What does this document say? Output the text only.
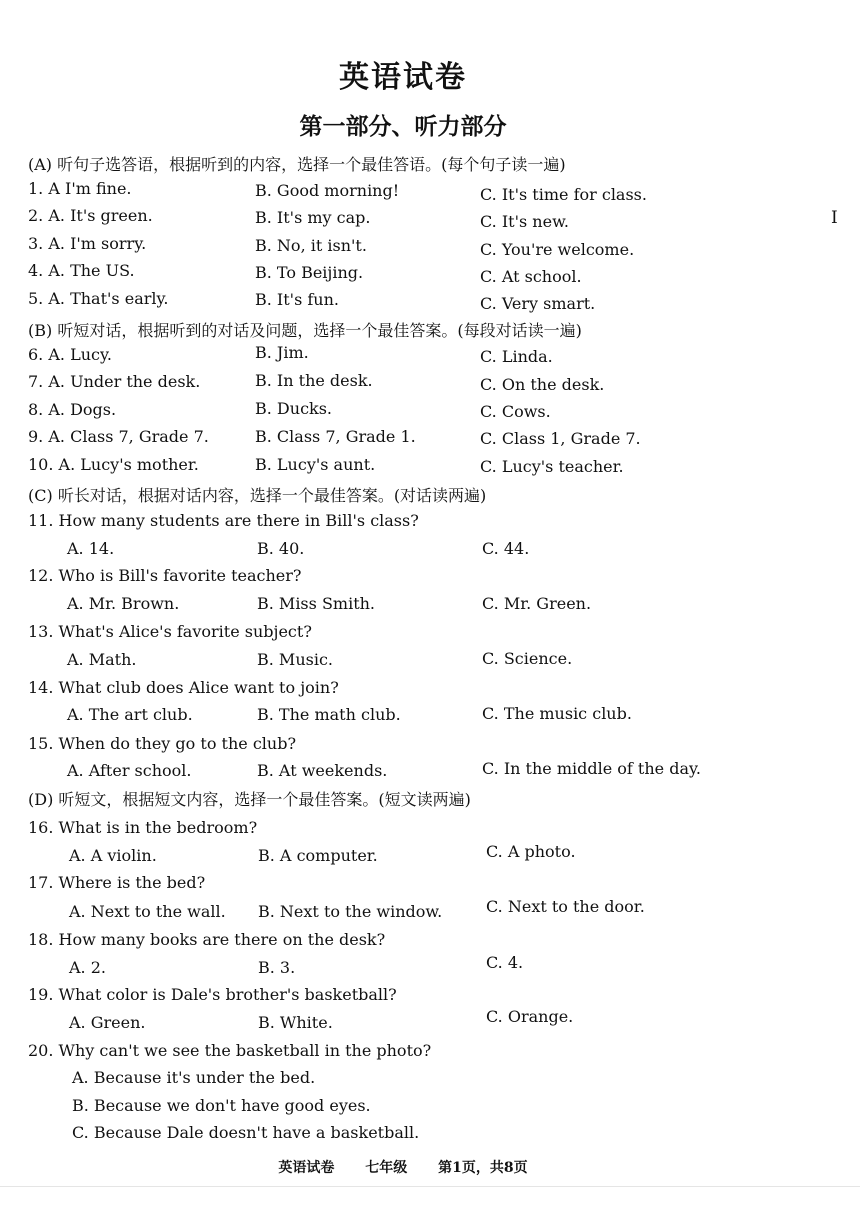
英语试卷
第一部分、听力部分
I
(A) 听句子选答语，根据听到的内容，选择一个最佳答语。(每个句子读一遍)
1. A I'm fine.	B. Good morning!	C. It's time for class.
2. A. It's green.	B. It's my cap.	C. It's new.
3. A. I'm sorry.	B. No, it isn't.	C. You're welcome.
4. A. The US.	B. To Beijing.	C. At school.
5. A. That's early.	B. It's fun.	C. Very smart.
(B) 听短对话，根据听到的对话及问题，选择一个最佳答案。(每段对话读一遍)
6. A. Lucy.	B. Jim.	C. Linda.
7. A. Under the desk.	B. In the desk.	C. On the desk.
8. A. Dogs.	B. Ducks.	C. Cows.
9. A. Class 7, Grade 7.	B. Class 7, Grade 1.	C. Class 1, Grade 7.
10. A. Lucy's mother.	B. Lucy's aunt.	C. Lucy's teacher.
(C) 听长对话，根据对话内容，选择一个最佳答案。(对话读两遍)
11. How many students are there in Bill's class?
A. 14.	B. 40.	C. 44.
12. Who is Bill's favorite teacher?
A. Mr. Brown.	B. Miss Smith.	C. Mr. Green.
13. What's Alice's favorite subject?
A. Math.	B. Music.	C. Science.
14. What club does Alice want to join?
A. The art club.	B. The math club.	C. The music club.
15. When do they go to the club?
A. After school.	B. At weekends.	C. In the middle of the day.
(D) 听短文，根据短文内容，选择一个最佳答案。(短文读两遍)
16. What is in the bedroom?
A. A violin.	B. A computer.	C. A photo.
17. Where is the bed?
A. Next to the wall. B. Next to the window.	C. Next to the door.
18. How many books are there on the desk?
A. 2.	B. 3.	C. 4.
19. What color is Dale's brother's basketball?
A. Green.	B. White.	C. Orange.
20. Why can't we see the basketball in the photo?
A. Because it's under the bed.
B. Because we don't have good eyes.
C. Because Dale doesn't have a basketball.
英语试卷 七年级 第1页，共8页
